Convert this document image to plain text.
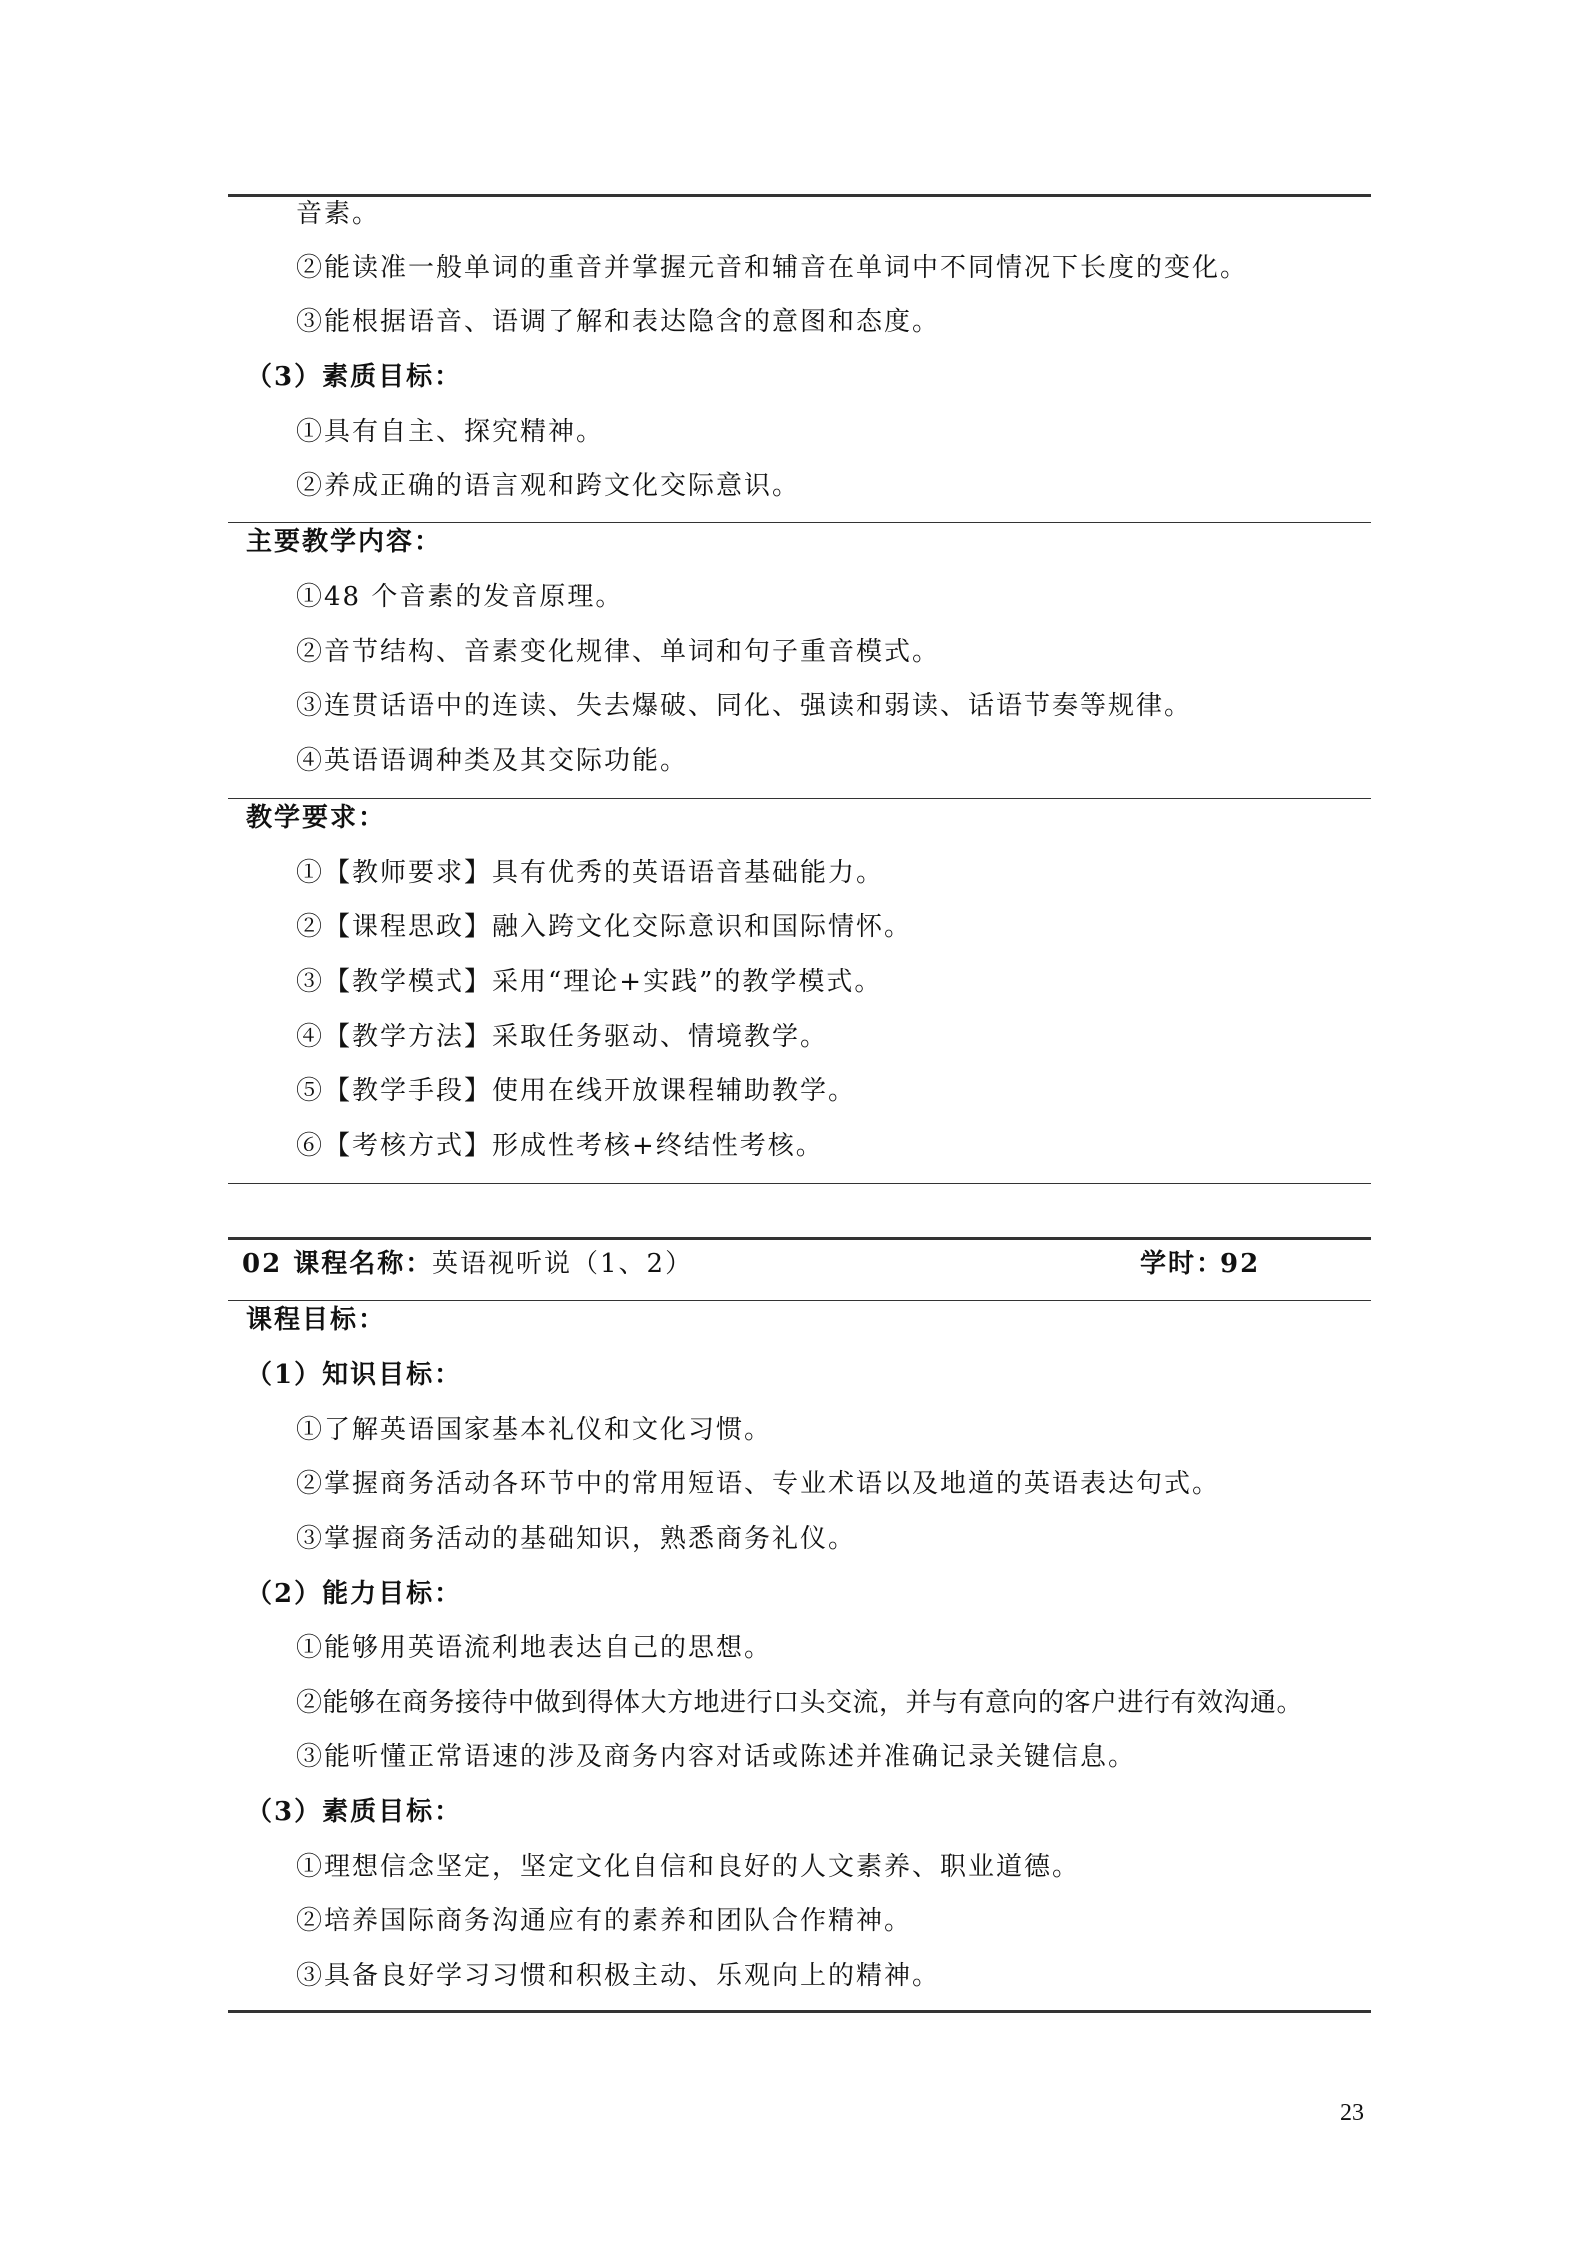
音素。
②能读准一般单词的重音并掌握元音和辅音在单词中不同情况下长度的变化。
③能根据语音、语调了解和表达隐含的意图和态度。
（3）素质目标：
①具有自主、探究精神。
②养成正确的语言观和跨文化交际意识。
主要教学内容：
①48 个音素的发音原理。
②音节结构、音素变化规律、单词和句子重音模式。
③连贯话语中的连读、失去爆破、同化、强读和弱读、话语节奏等规律。
④英语语调种类及其交际功能。
教学要求：
①【教师要求】具有优秀的英语语音基础能力。
②【课程思政】融入跨文化交际意识和国际情怀。
③【教学模式】采用“理论+实践”的教学模式。
④【教学方法】采取任务驱动、情境教学。
⑤【教学手段】使用在线开放课程辅助教学。
⑥【考核方式】形成性考核+终结性考核。
02 课程名称：
英语视听说（1、2）	学时：
92
课程目标：
（1）知识目标：
①了解英语国家基本礼仪和文化习惯。
②掌握商务活动各环节中的常用短语、专业术语以及地道的英语表达句式。
③掌握商务活动的基础知识，熟悉商务礼仪。
（2）能力目标：
①能够用英语流利地表达自己的思想。
②能够在商务接待中做到得体大方地进行口头交流，并与有意向的客户进行有效沟通。
③能听懂正常语速的涉及商务内容对话或陈述并准确记录关键信息。
（3）素质目标：
①理想信念坚定，坚定文化自信和良好的人文素养、职业道德。
②培养国际商务沟通应有的素养和团队合作精神。
③具备良好学习习惯和积极主动、乐观向上的精神。
23
